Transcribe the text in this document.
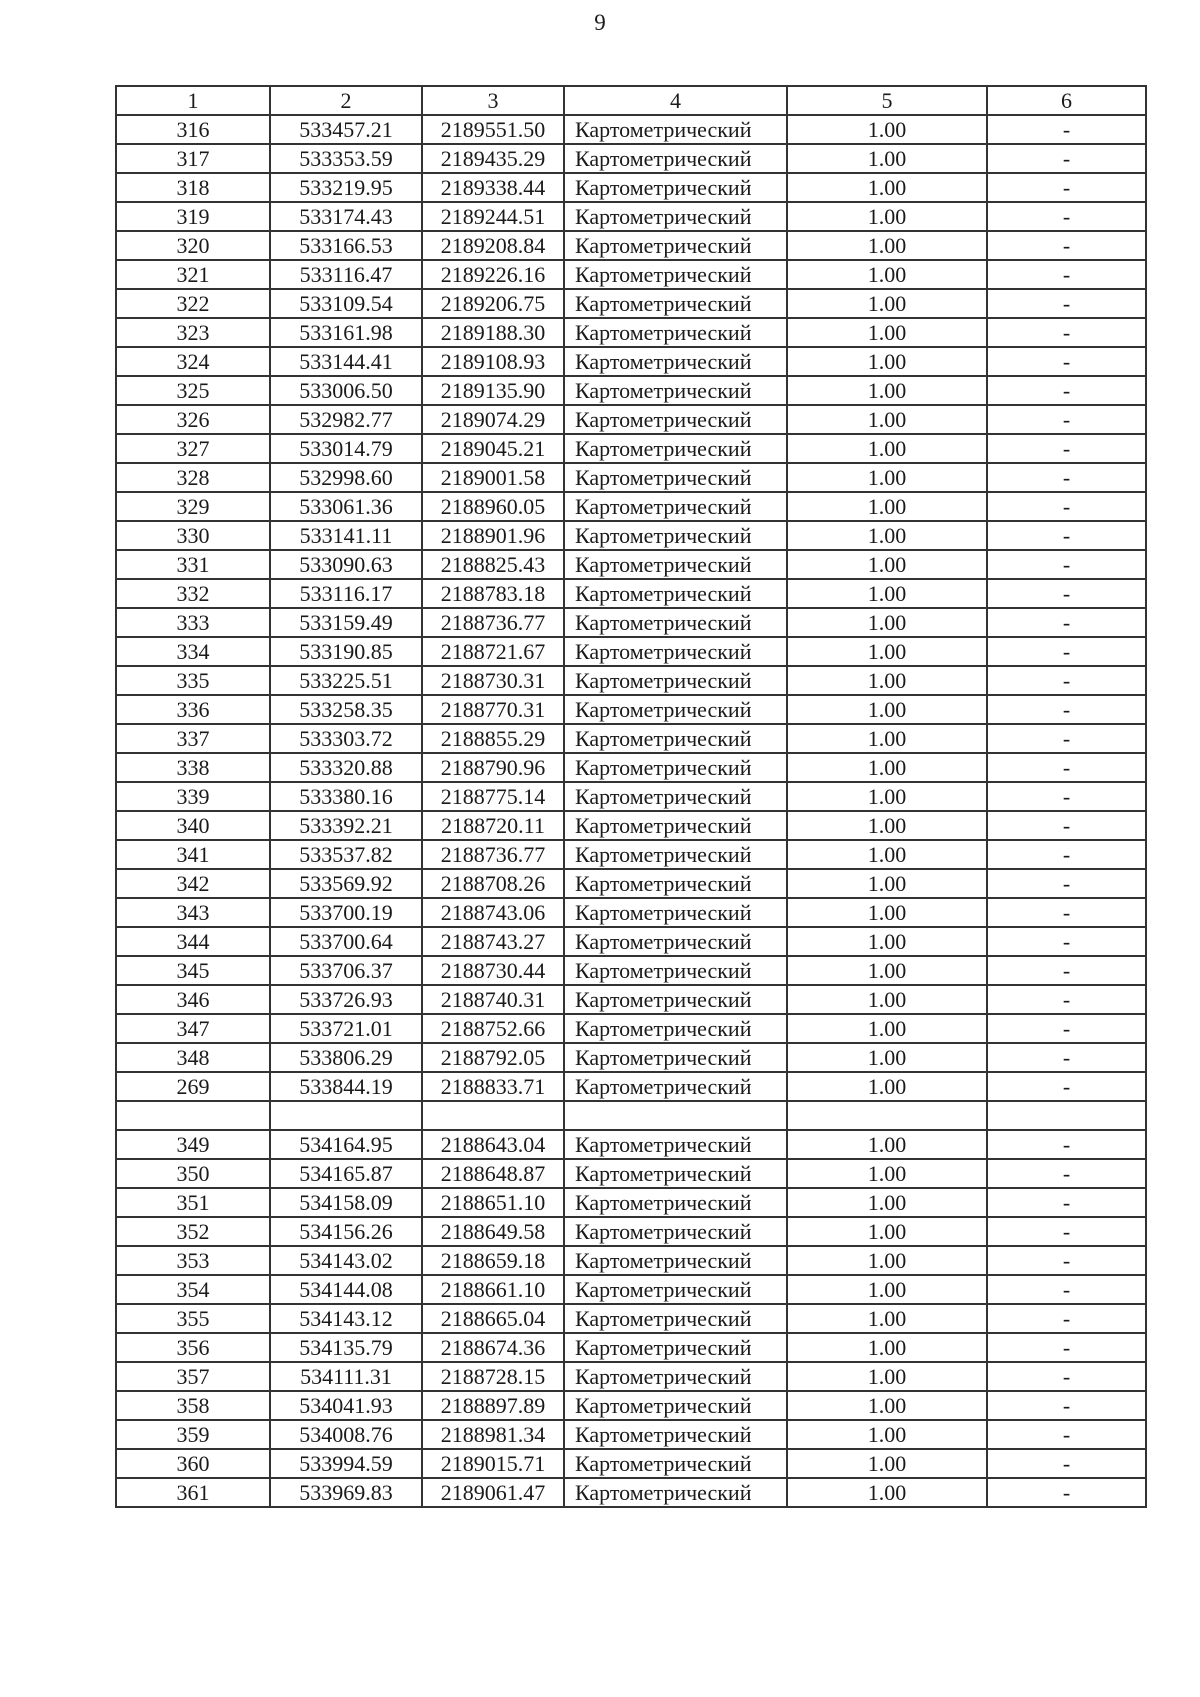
9
1	2	3	4	5	6
316	533457.21	2189551.50	Картометрический	1.00	-
317	533353.59	2189435.29	Картометрический	1.00	-
318	533219.95	2189338.44	Картометрический	1.00	-
319	533174.43	2189244.51	Картометрический	1.00	-
320	533166.53	2189208.84	Картометрический	1.00	-
321	533116.47	2189226.16	Картометрический	1.00	-
322	533109.54	2189206.75	Картометрический	1.00	-
323	533161.98	2189188.30	Картометрический	1.00	-
324	533144.41	2189108.93	Картометрический	1.00	-
325	533006.50	2189135.90	Картометрический	1.00	-
326	532982.77	2189074.29	Картометрический	1.00	-
327	533014.79	2189045.21	Картометрический	1.00	-
328	532998.60	2189001.58	Картометрический	1.00	-
329	533061.36	2188960.05	Картометрический	1.00	-
330	533141.11	2188901.96	Картометрический	1.00	-
331	533090.63	2188825.43	Картометрический	1.00	-
332	533116.17	2188783.18	Картометрический	1.00	-
333	533159.49	2188736.77	Картометрический	1.00	-
334	533190.85	2188721.67	Картометрический	1.00	-
335	533225.51	2188730.31	Картометрический	1.00	-
336	533258.35	2188770.31	Картометрический	1.00	-
337	533303.72	2188855.29	Картометрический	1.00	-
338	533320.88	2188790.96	Картометрический	1.00	-
339	533380.16	2188775.14	Картометрический	1.00	-
340	533392.21	2188720.11	Картометрический	1.00	-
341	533537.82	2188736.77	Картометрический	1.00	-
342	533569.92	2188708.26	Картометрический	1.00	-
343	533700.19	2188743.06	Картометрический	1.00	-
344	533700.64	2188743.27	Картометрический	1.00	-
345	533706.37	2188730.44	Картометрический	1.00	-
346	533726.93	2188740.31	Картометрический	1.00	-
347	533721.01	2188752.66	Картометрический	1.00	-
348	533806.29	2188792.05	Картометрический	1.00	-
269	533844.19	2188833.71	Картометрический	1.00	-

349	534164.95	2188643.04	Картометрический	1.00	-
350	534165.87	2188648.87	Картометрический	1.00	-
351	534158.09	2188651.10	Картометрический	1.00	-
352	534156.26	2188649.58	Картометрический	1.00	-
353	534143.02	2188659.18	Картометрический	1.00	-
354	534144.08	2188661.10	Картометрический	1.00	-
355	534143.12	2188665.04	Картометрический	1.00	-
356	534135.79	2188674.36	Картометрический	1.00	-
357	534111.31	2188728.15	Картометрический	1.00	-
358	534041.93	2188897.89	Картометрический	1.00	-
359	534008.76	2188981.34	Картометрический	1.00	-
360	533994.59	2189015.71	Картометрический	1.00	-
361	533969.83	2189061.47	Картометрический	1.00	-
